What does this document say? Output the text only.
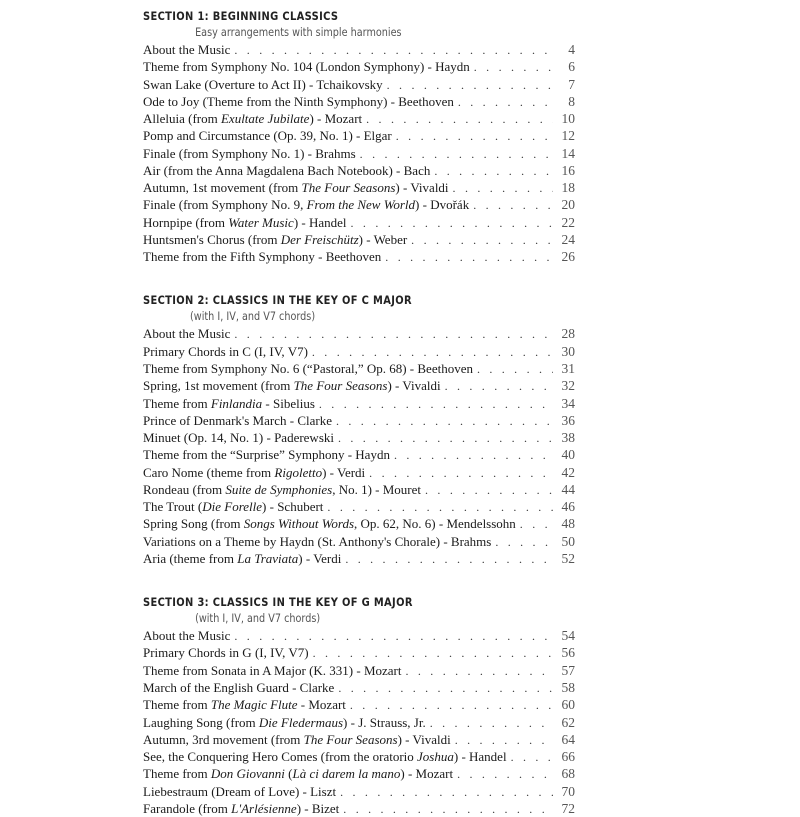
SECTION 1: BEGINNING CLASSICS
Easy arrangements with simple harmonies
About the Music . . .	4
Theme from Symphony No. 104 (London Symphony) - Haydn . . .	6
Swan Lake (Overture to Act II) - Tchaikovsky . . .	7
Ode to Joy (Theme from the Ninth Symphony) - Beethoven . . .	8
Alleluia (from Exultate Jubilate) - Mozart . . .	10
Pomp and Circumstance (Op. 39, No. 1) - Elgar . . .	12
Finale (from Symphony No. 1) - Brahms . . .	14
Air (from the Anna Magdalena Bach Notebook) - Bach . . .	16
Autumn, 1st movement (from The Four Seasons) - Vivaldi . . .	18
Finale (from Symphony No. 9, From the New World) - Dvořák . . .	20
Hornpipe (from Water Music) - Handel . . .	22
Huntsmen's Chorus (from Der Freischütz) - Weber . . .	24
Theme from the Fifth Symphony - Beethoven . . .	26
SECTION 2: CLASSICS IN THE KEY OF C MAJOR
(with I, IV, and V7 chords)
About the Music . . .	28
Primary Chords in C (I, IV, V7) . . .	30
Theme from Symphony No. 6 (“Pastoral,” Op. 68) - Beethoven . . .	31
Spring, 1st movement (from The Four Seasons) - Vivaldi . . .	32
Theme from Finlandia - Sibelius . . .	34
Prince of Denmark's March - Clarke . . .	36
Minuet (Op. 14, No. 1) - Paderewski . . .	38
Theme from the “Surprise” Symphony - Haydn . . .	40
Caro Nome (theme from Rigoletto) - Verdi . . .	42
Rondeau (from Suite de Symphonies, No. 1) - Mouret . . .	44
The Trout (Die Forelle) - Schubert . . .	46
Spring Song (from Songs Without Words, Op. 62, No. 6) - Mendelssohn . . .	48
Variations on a Theme by Haydn (St. Anthony's Chorale) - Brahms . . .	50
Aria (theme from La Traviata) - Verdi . . .	52
SECTION 3: CLASSICS IN THE KEY OF G MAJOR
(with I, IV, and V7 chords)
About the Music . . .	54
Primary Chords in G (I, IV, V7) . . .	56
Theme from Sonata in A Major (K. 331) - Mozart . . .	57
March of the English Guard - Clarke . . .	58
Theme from The Magic Flute - Mozart . . .	60
Laughing Song (from Die Fledermaus) - J. Strauss, Jr. . . .	62
Autumn, 3rd movement (from The Four Seasons) - Vivaldi . . .	64
See, the Conquering Hero Comes (from the oratorio Joshua) - Handel . . .	66
Theme from Don Giovanni (Là ci darem la mano) - Mozart . . .	68
Liebestraum (Dream of Love) - Liszt . . .	70
Farandole (from L'Arlésienne) - Bizet . . .	72
